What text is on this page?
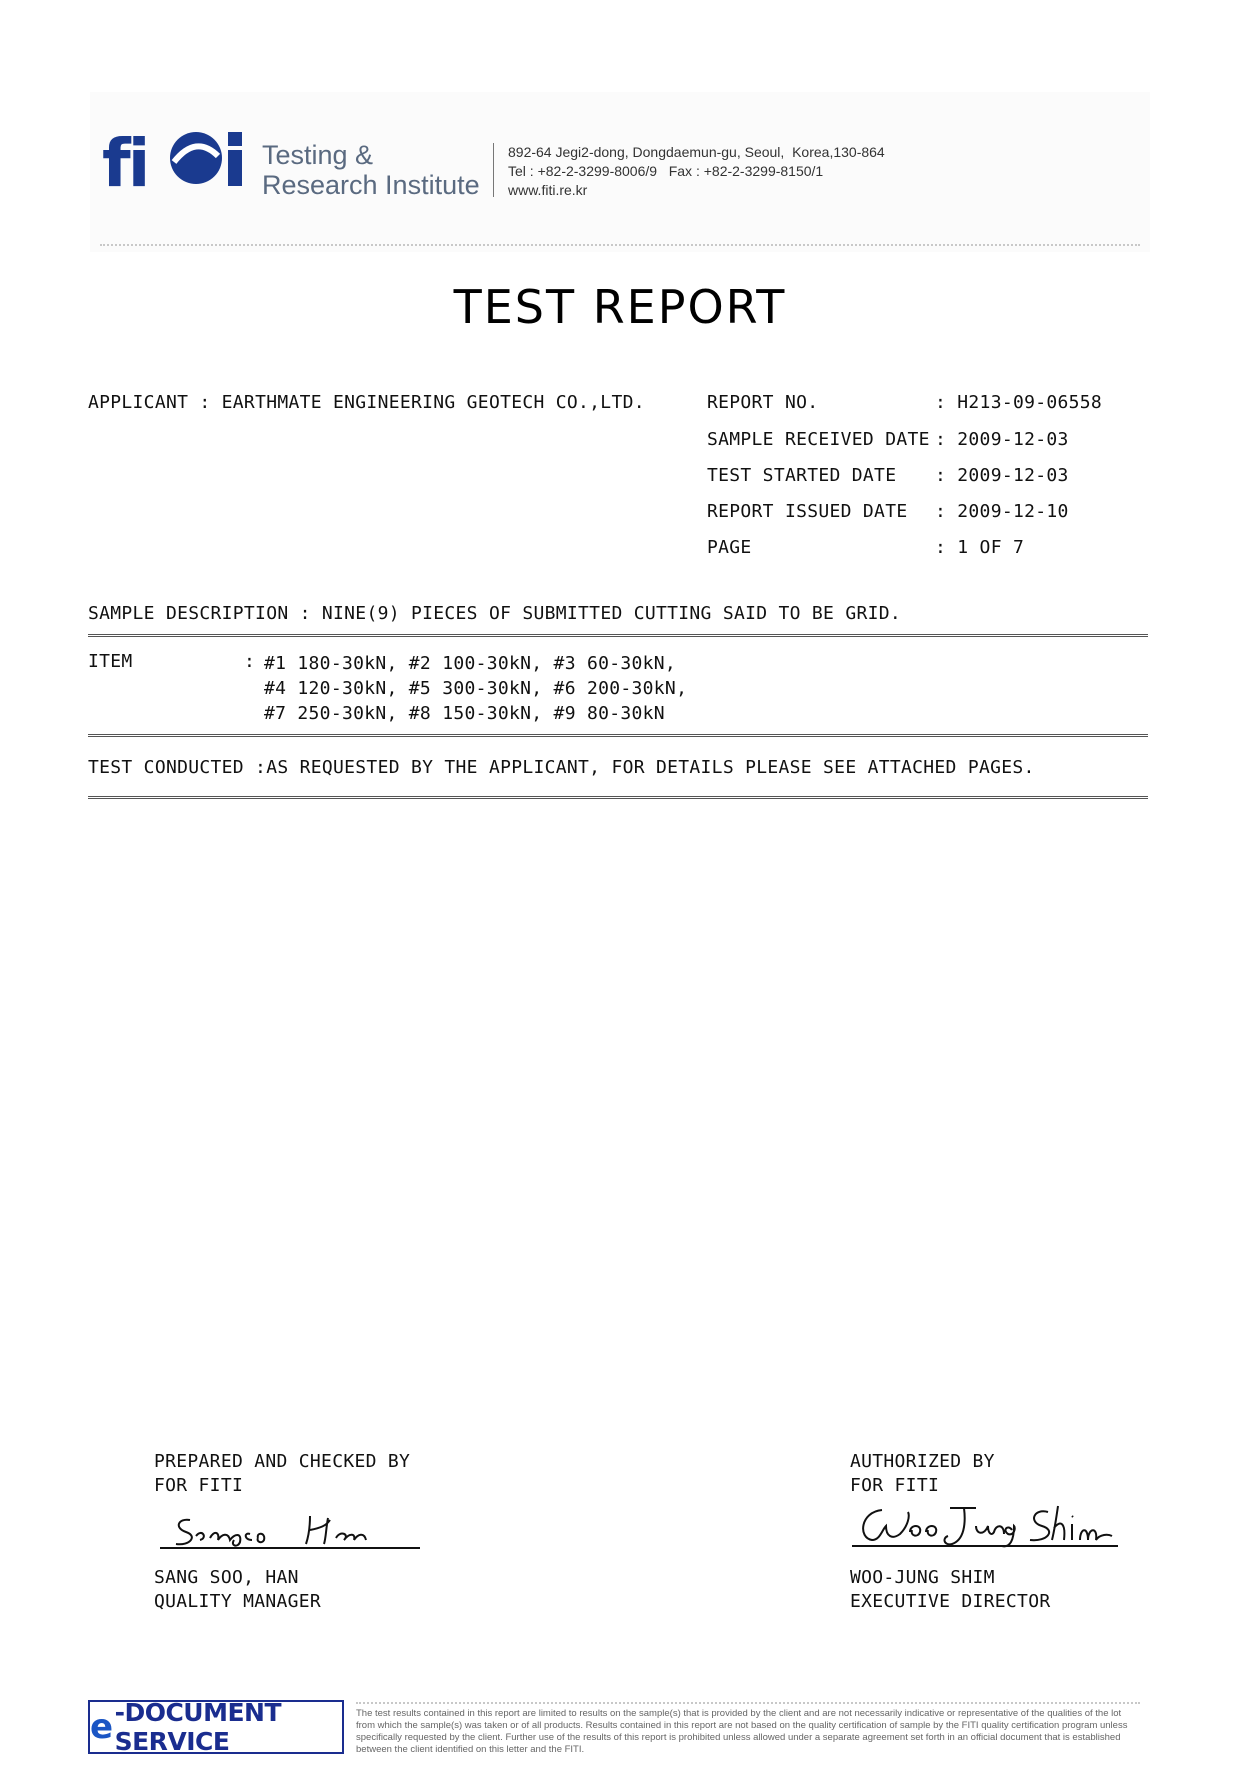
fi	Testing &
Research Institute
892-64 Jegi2-dong, Dongdaemun-gu, Seoul,  Korea,130-864
Tel : +82-2-3299-8006/9   Fax : +82-2-3299-8150/1
www.fiti.re.kr
TEST REPORT
APPLICANT : EARTHMATE ENGINEERING GEOTECH CO.,LTD.	REPORT NO.	: H213-09-06558
SAMPLE RECEIVED DATE : 2009-12-03
TEST STARTED DATE : 2009-12-03
REPORT ISSUED DATE : 2009-12-10
PAGE	: 1 OF 7
SAMPLE DESCRIPTION : NINE(9) PIECES OF SUBMITTED CUTTING SAID TO BE GRID.
ITEM	: #1 180-30kN, #2 100-30kN, #3 60-30kN,
#4 120-30kN, #5 300-30kN, #6 200-30kN,
#7 250-30kN, #8 150-30kN, #9 80-30kN
TEST CONDUCTED :AS REQUESTED BY THE APPLICANT, FOR DETAILS PLEASE SEE ATTACHED PAGES.
PREPARED AND CHECKED BY
FOR FITI
SANG SOO, HAN
QUALITY MANAGER
AUTHORIZED BY
FOR FITI
WOO-JUNG SHIM
EXECUTIVE DIRECTOR
e -DOCUMENT SERVICE
The test results contained in this report are limited to results on the sample(s) that is provided by the client and are not necessarily indicative or representative of the qualities of the lot from which the sample(s) was taken or of all products. Results contained in this report are not based on the quality certification of sample by the FITI quality certification program unless specifically requested by the client. Further use of the results of this report is prohibited unless allowed under a separate agreement set forth in an official document that is established between the client identified on this letter and the FITI.
